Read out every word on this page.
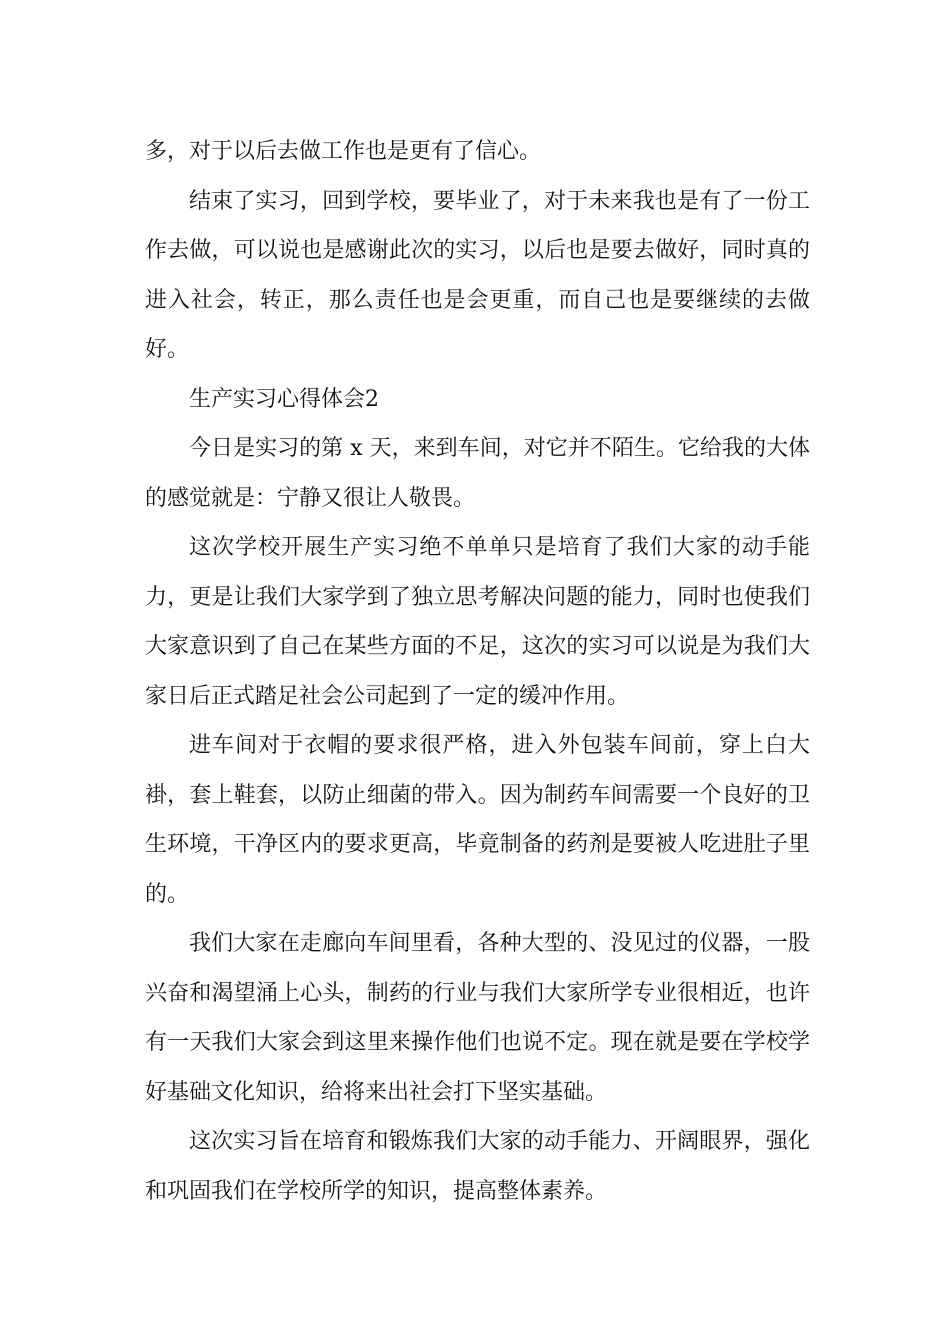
多，对于以后去做工作也是更有了信心。

结束了实习，回到学校，要毕业了，对于未来我也是有了一份工作去做，可以说也是感谢此次的实习，以后也是要去做好，同时真的进入社会，转正，那么责任也是会更重，而自己也是要继续的去做好。

生产实习心得体会2

今日是实习的第 x 天，来到车间，对它并不陌生。它给我的大体的感觉就是：宁静又很让人敬畏。

这次学校开展生产实习绝不单单只是培育了我们大家的动手能力，更是让我们大家学到了独立思考解决问题的能力，同时也使我们大家意识到了自己在某些方面的不足，这次的实习可以说是为我们大家日后正式踏足社会公司起到了一定的缓冲作用。

进车间对于衣帽的要求很严格，进入外包装车间前，穿上白大褂，套上鞋套，以防止细菌的带入。因为制药车间需要一个良好的卫生环境，干净区内的要求更高，毕竟制备的药剂是要被人吃进肚子里的。

我们大家在走廊向车间里看，各种大型的、没见过的仪器，一股兴奋和渴望涌上心头，制药的行业与我们大家所学专业很相近，也许有一天我们大家会到这里来操作他们也说不定。现在就是要在学校学好基础文化知识，给将来出社会打下坚实基础。

这次实习旨在培育和锻炼我们大家的动手能力、开阔眼界，强化和巩固我们在学校所学的知识，提高整体素养。
